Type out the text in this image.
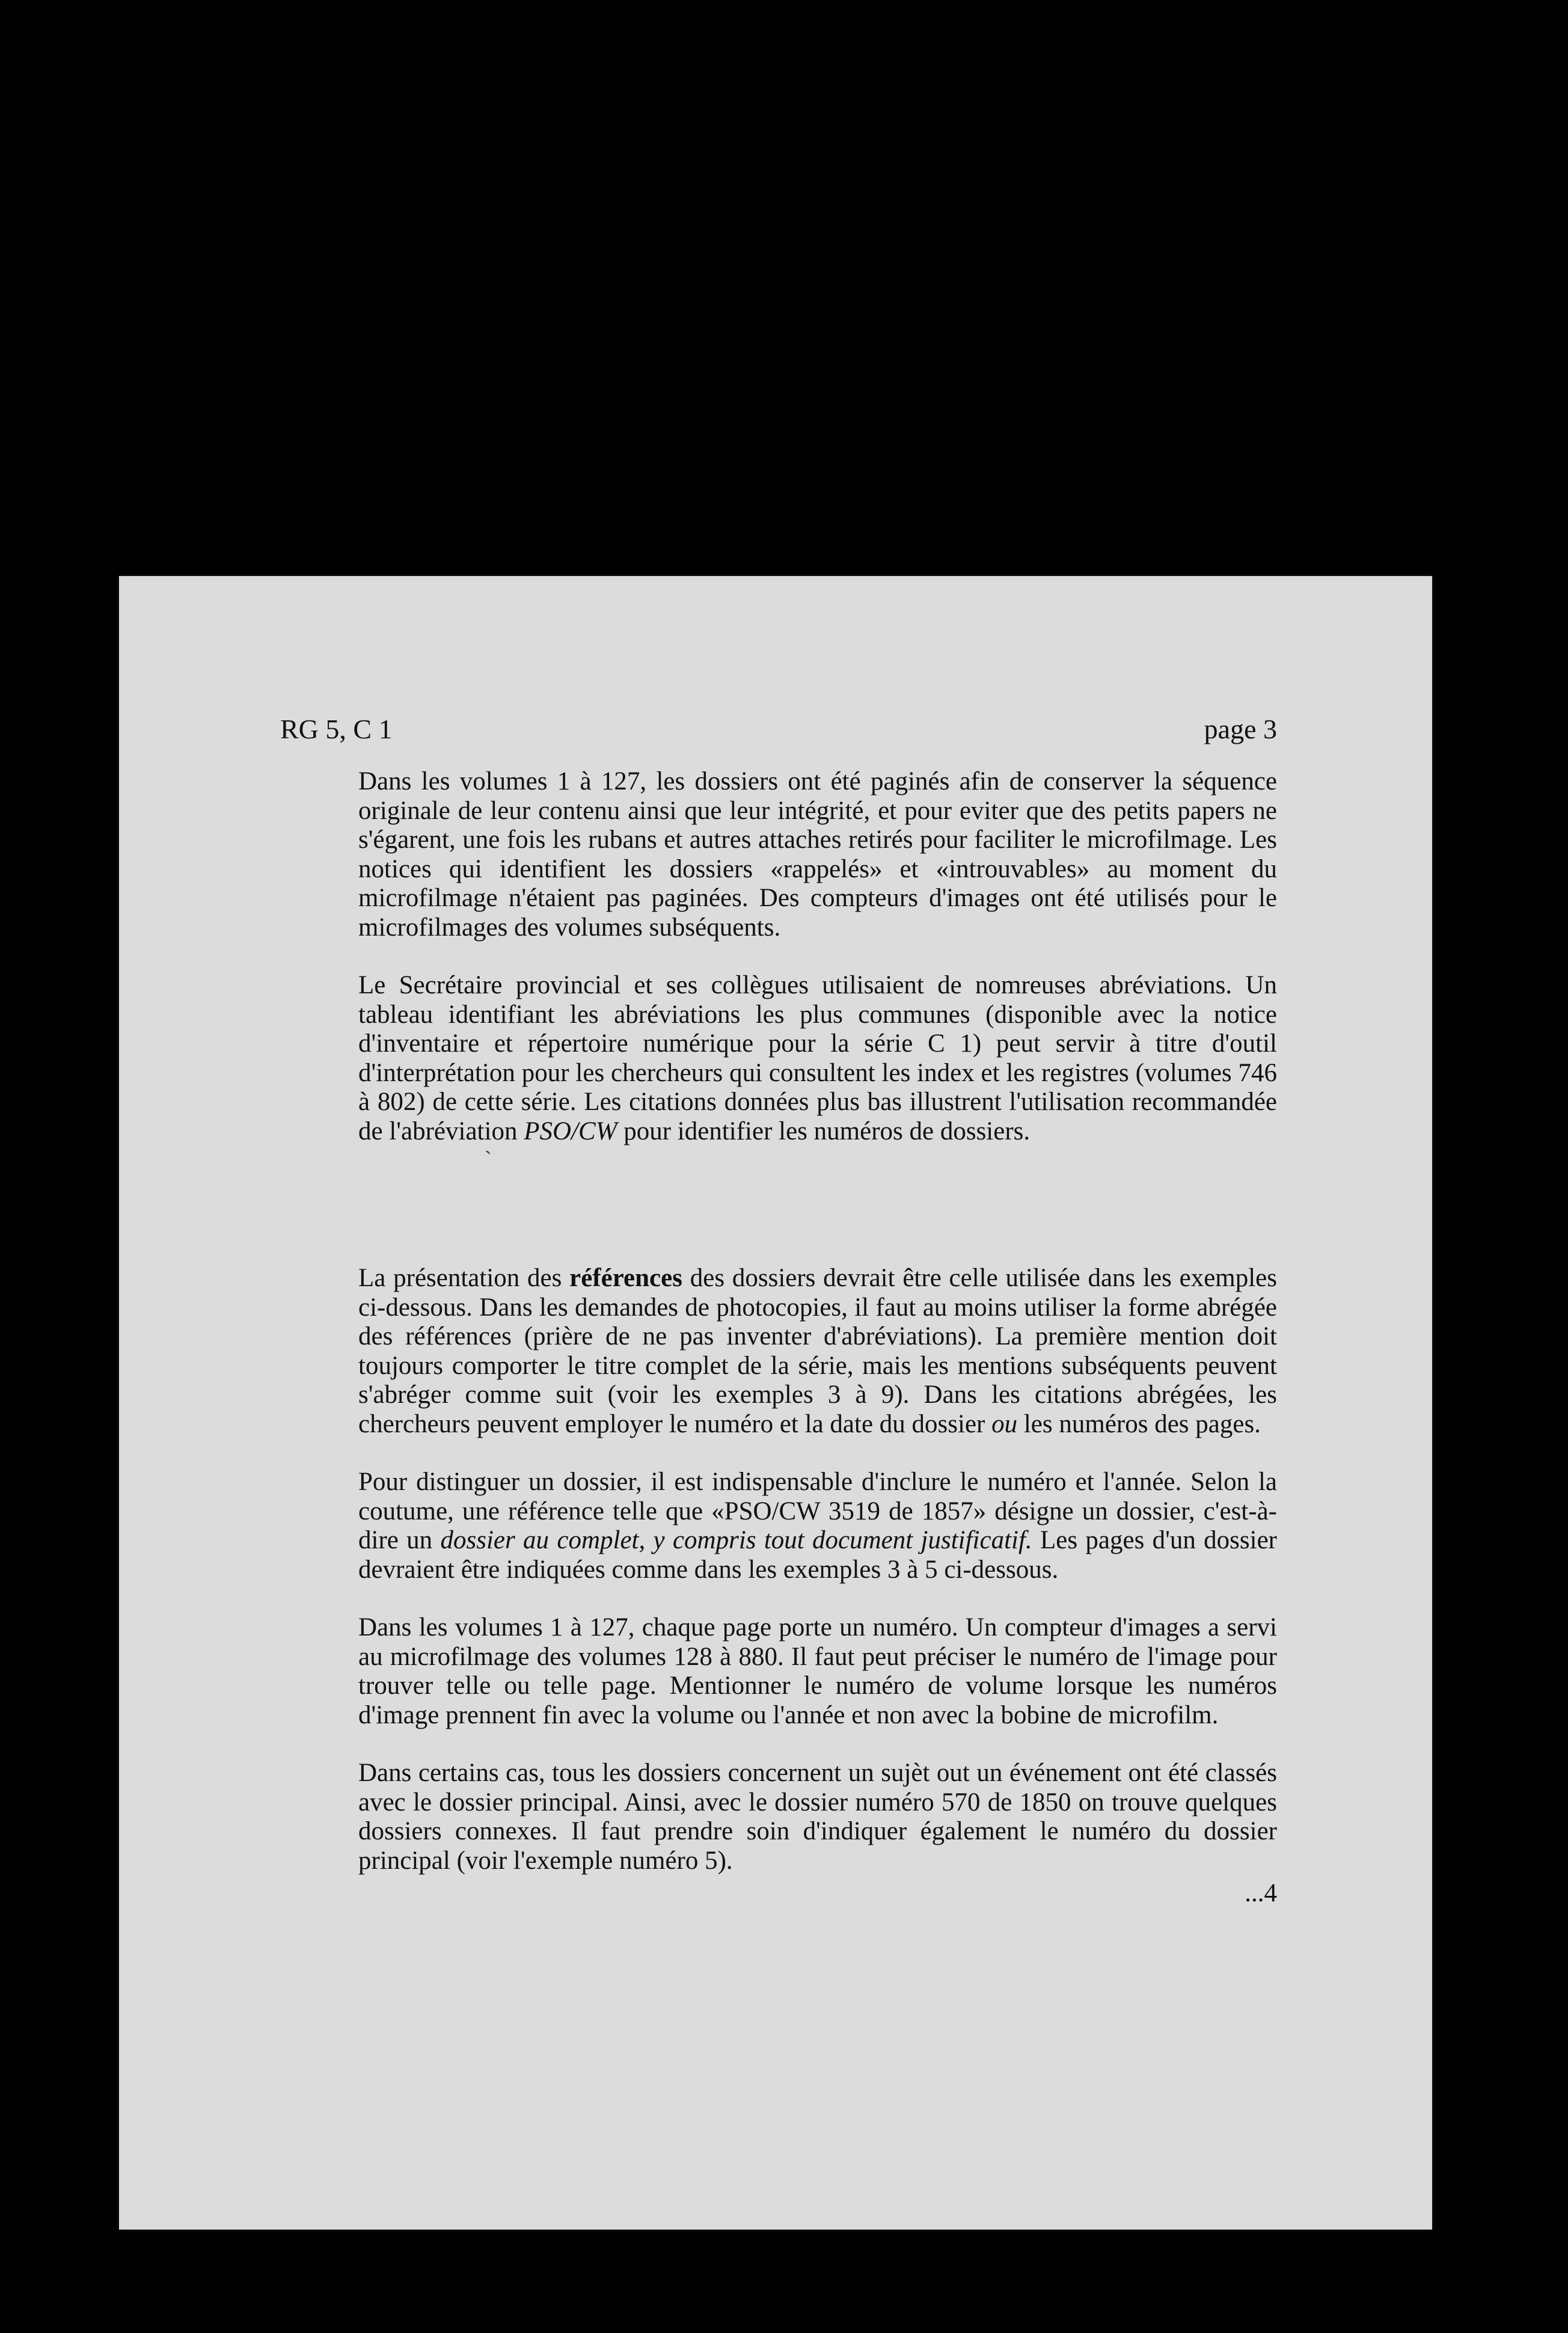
RG 5, C 1	page 3

Dans les volumes 1 à 127, les dossiers ont été paginés afin de conserver la séquence originale de leur contenu ainsi que leur intégrité, et pour eviter que des petits papers ne s'égarent, une fois les rubans et autres attaches retirés pour faciliter le microfilmage. Les notices qui identifient les dossiers «rappelés» et «introuvables» au moment du microfilmage n'étaient pas paginées. Des compteurs d'images ont été utilisés pour le microfilmages des volumes subséquents.

Le Secrétaire provincial et ses collègues utilisaient de nomreuses abréviations. Un tableau identifiant les abréviations les plus communes (disponible avec la notice d'inventaire et répertoire numérique pour la série C 1) peut servir à titre d'outil d'interprétation pour les chercheurs qui consultent les index et les registres (volumes 746 à 802) de cette série. Les citations données plus bas illustrent l'utilisation recommandée de l'abréviation PSO/CW pour identifier les numéros de dossiers.

`

La présentation des références des dossiers devrait être celle utilisée dans les exemples ci-dessous. Dans les demandes de photocopies, il faut au moins utiliser la forme abrégée des références (prière de ne pas inventer d'abréviations). La première mention doit toujours comporter le titre complet de la série, mais les mentions subséquents peuvent s'abréger comme suit (voir les exemples 3 à 9). Dans les citations abrégées, les chercheurs peuvent employer le numéro et la date du dossier ou les numéros des pages.

Pour distinguer un dossier, il est indispensable d'inclure le numéro et l'année. Selon la coutume, une référence telle que «PSO/CW 3519 de 1857» désigne un dossier, c'est-à-dire un dossier au complet, y compris tout document justificatif. Les pages d'un dossier devraient être indiquées comme dans les exemples 3 à 5 ci-dessous.

Dans les volumes 1 à 127, chaque page porte un numéro. Un compteur d'images a servi au microfilmage des volumes 128 à 880. Il faut peut préciser le numéro de l'image pour trouver telle ou telle page. Mentionner le numéro de volume lorsque les numéros d'image prennent fin avec la volume ou l'année et non avec la bobine de microfilm.

Dans certains cas, tous les dossiers concernent un sujèt out un événement ont été classés avec le dossier principal. Ainsi, avec le dossier numéro 570 de 1850 on trouve quelques dossiers connexes. Il faut prendre soin d'indiquer également le numéro du dossier principal (voir l'exemple numéro 5).

...4
